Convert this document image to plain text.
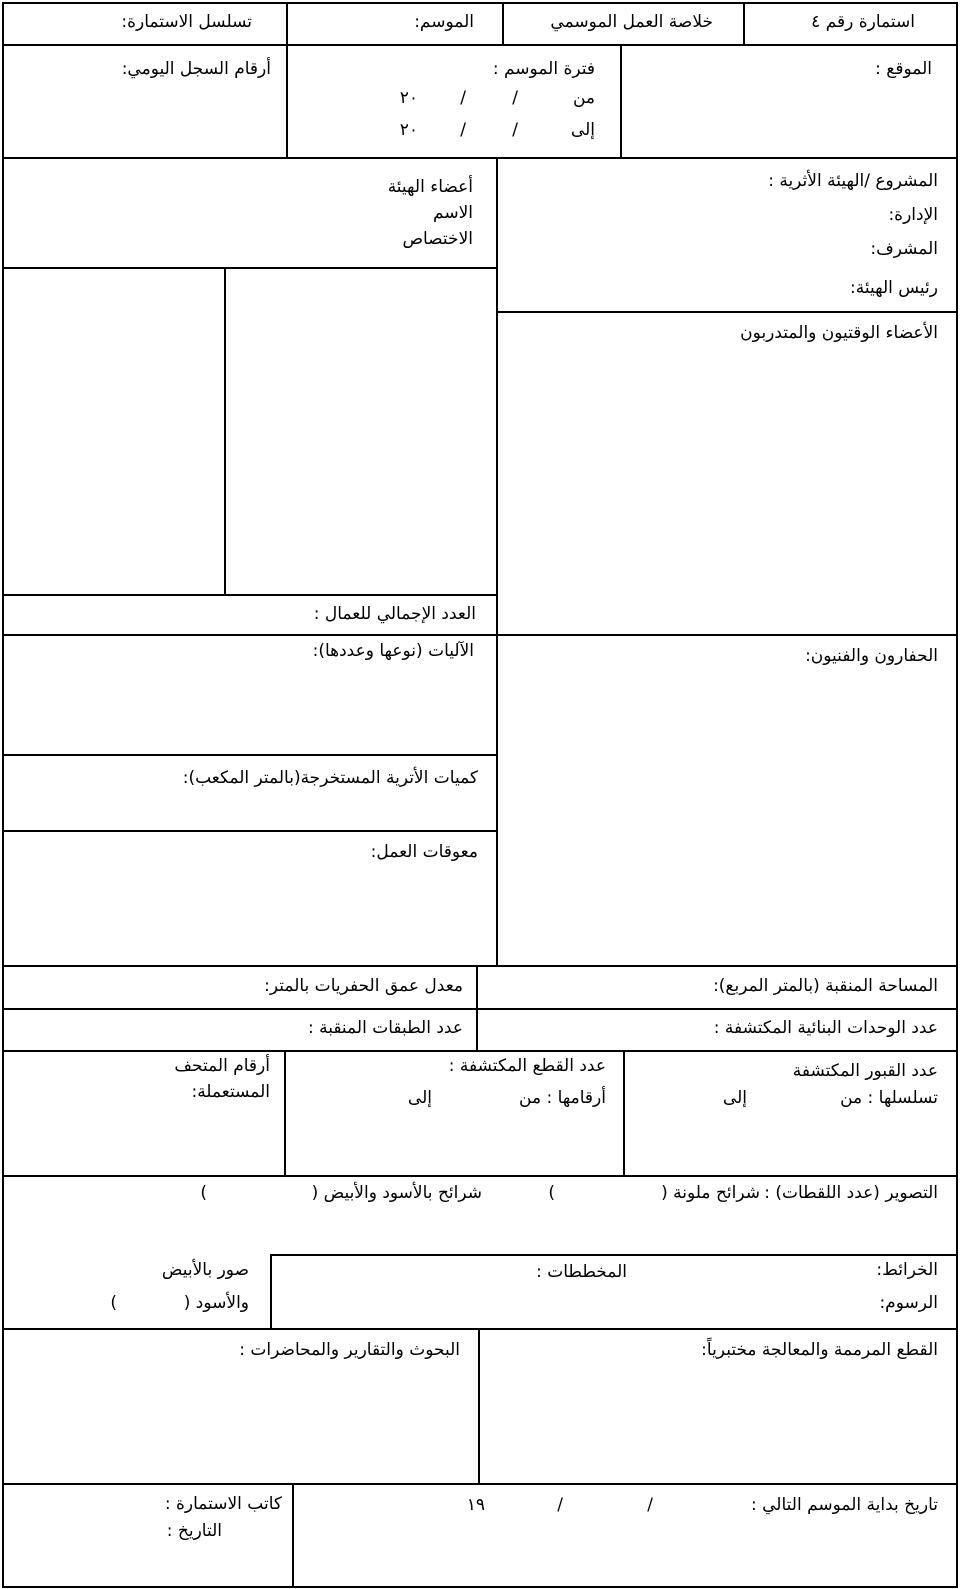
استمارة رقم ٤
خلاصة العمل الموسمي
الموسم:
تسلسل الاستمارة:
الموقع :
فترة الموسم :
من
/
/
٢٠
إلى
/
/
٢٠
أرقام السجل اليومي:
المشروع /الهيئة الأثرية :
الإدارة:
المشرف:
رئيس الهيئة:
الأعضاء الوقتيون والمتدربون
أعضاء الهيئة
الاسم
الاختصاص
العدد الإجمالي للعمال :
الحفارون والفنيون:
الآليات (نوعها وعددها):
كميات الأترية المستخرجة(بالمتر المكعب):
معوقات العمل:
المساحة المنقبة (بالمتر المربع):
معدل عمق الحفريات بالمتر:
عدد الوحدات البنائية المكتشفة :
عدد الطبقات المنقبة :
عدد القبور المكتشفة
تسلسلها : من
إلى
عدد القطع المكتشفة :
أرقامها : من
إلى
أرقام المتحف
المستعملة:
التصوير (عدد اللقطات) :
شرائح ملونة (
)
شرائح بالأسود والأبيض (
)
الخرائط:
الرسوم:
المخططات :
صور بالأبيض
والأسود (
)
القطع المرممة والمعالجة مختبرياً:
البحوث والتقارير والمحاضرات :
تاريخ بداية الموسم التالي :
/
/
١٩
كاتب الاستمارة :
التاريخ :
